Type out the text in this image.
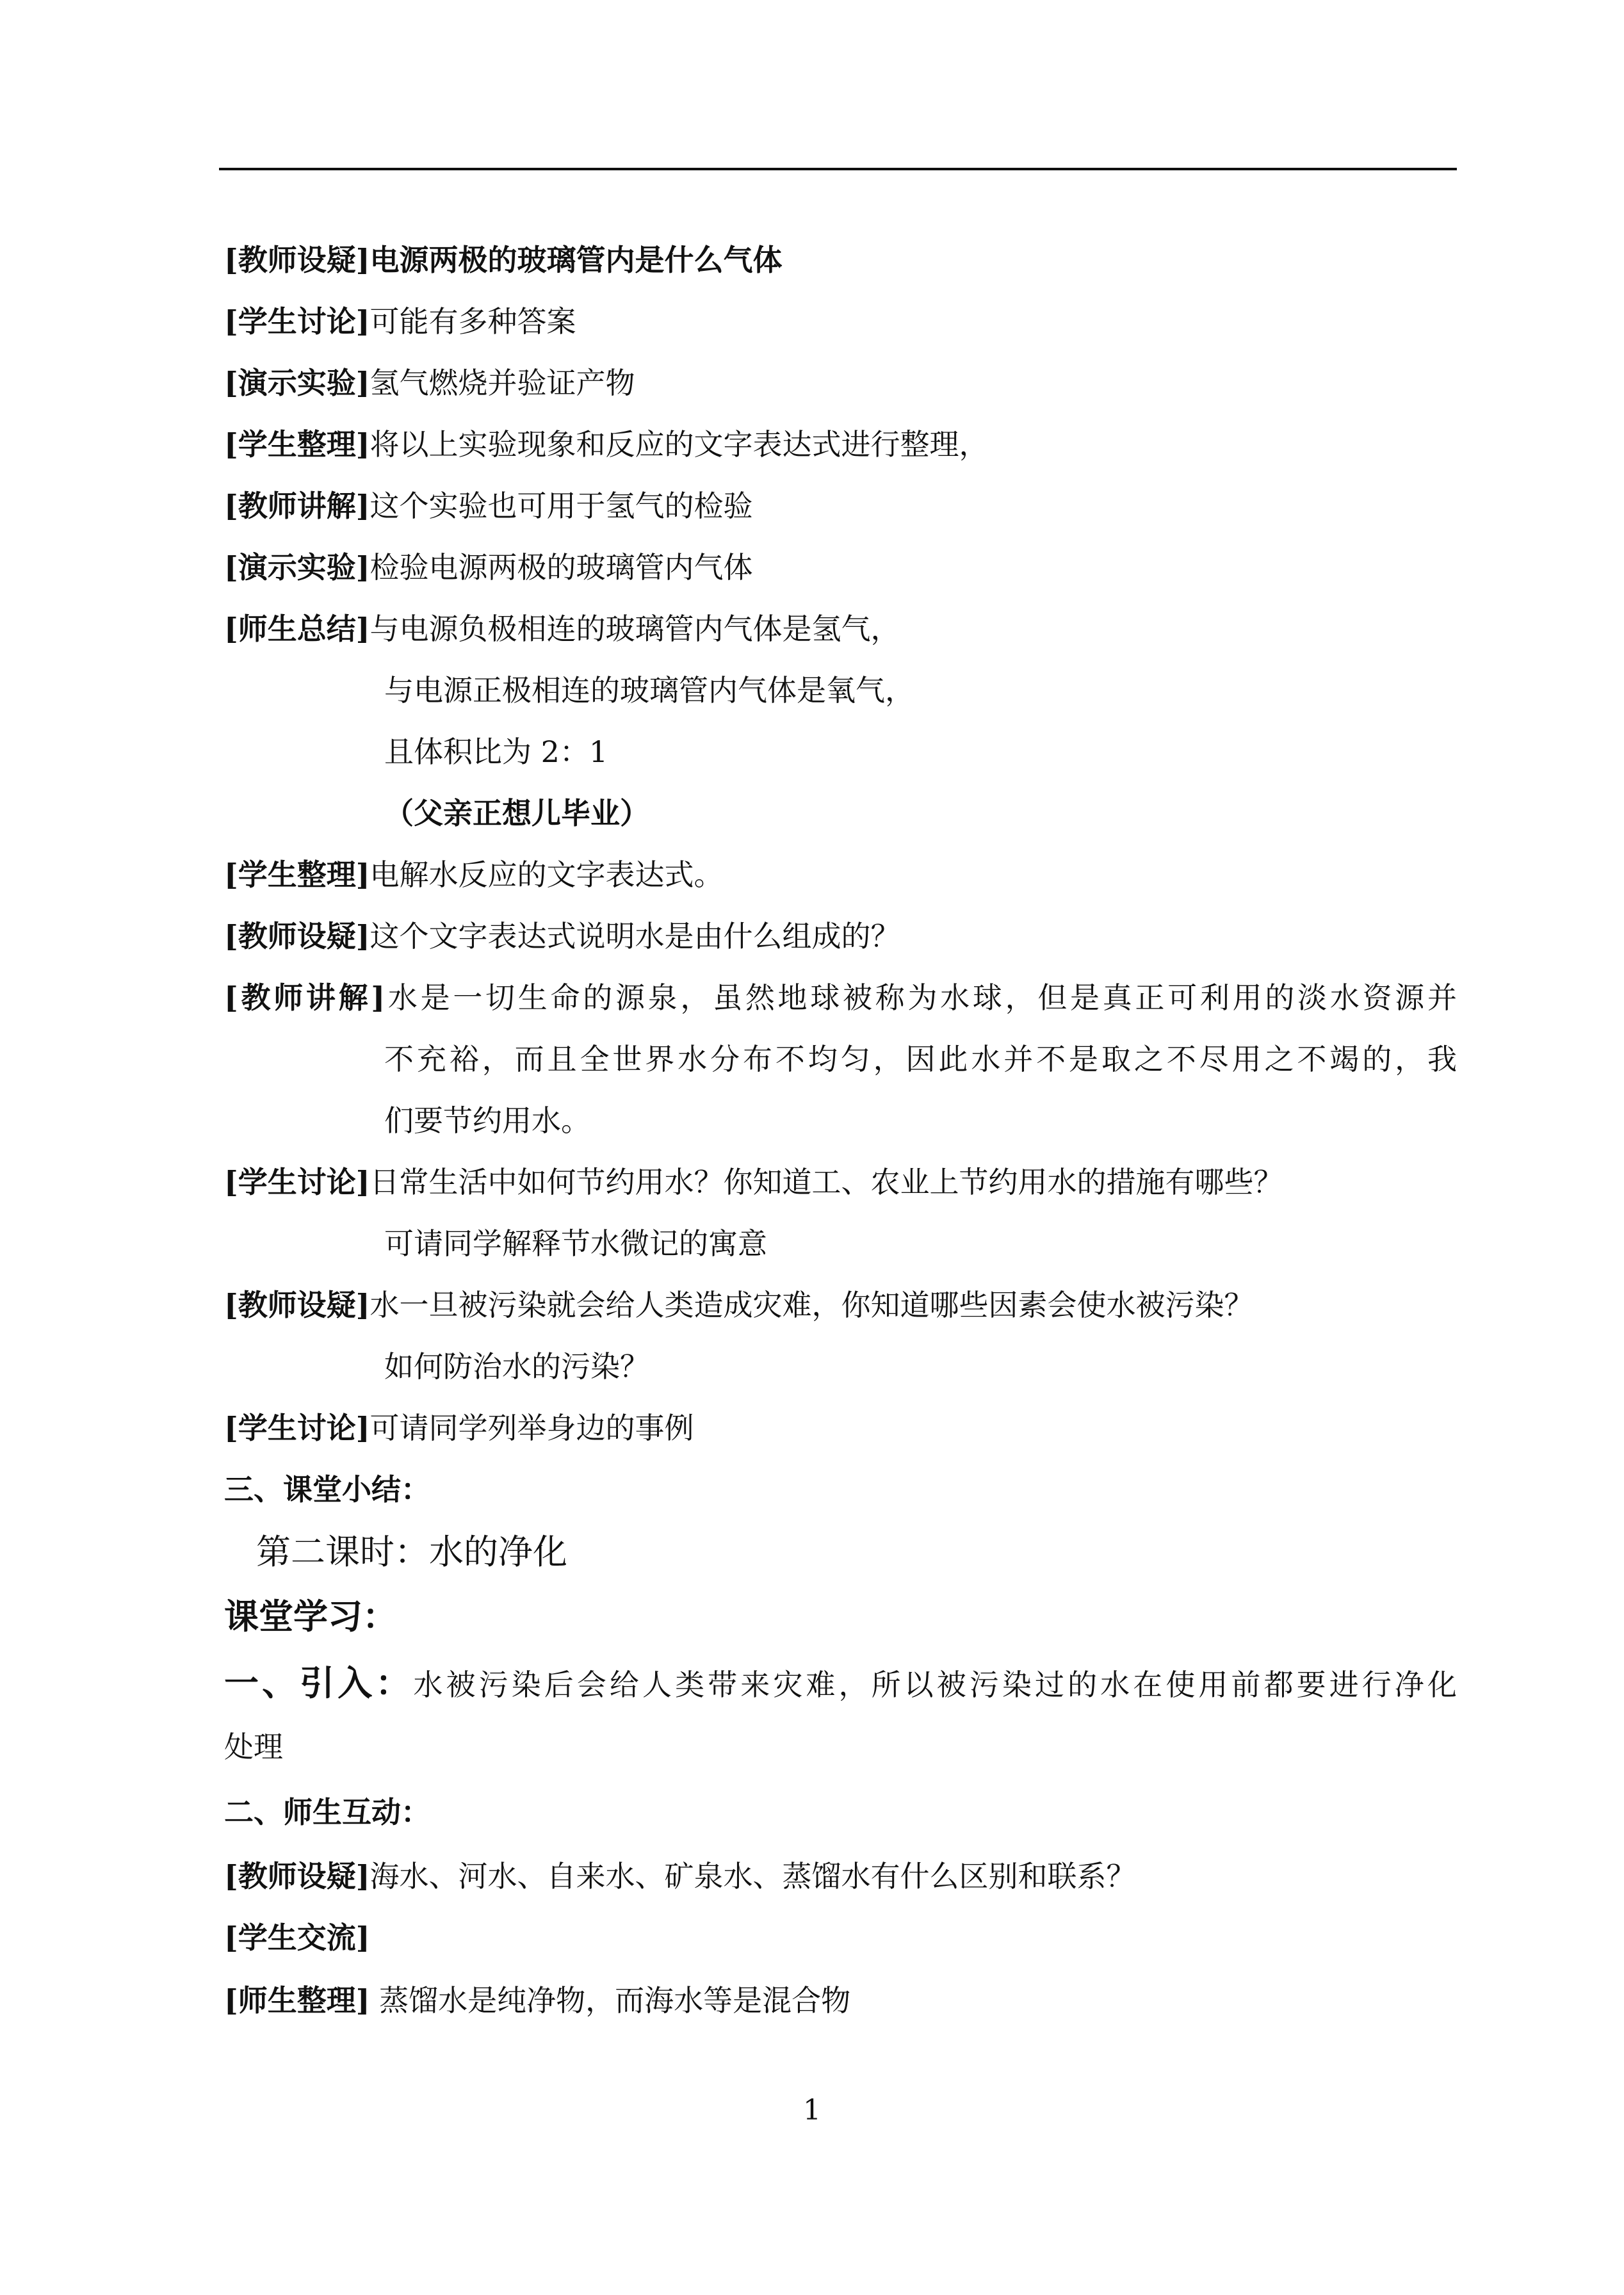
[教师设疑]电源两极的玻璃管内是什么气体
[学生讨论]可能有多种答案
[演示实验]氢气燃烧并验证产物
[学生整理]将以上实验现象和反应的文字表达式进行整理，
[教师讲解]这个实验也可用于氢气的检验
[演示实验]检验电源两极的玻璃管内气体
[师生总结]与电源负极相连的玻璃管内气体是氢气，
与电源正极相连的玻璃管内气体是氧气，
且体积比为 2：1
（父亲正想儿毕业）
[学生整理]电解水反应的文字表达式。
[教师设疑]这个文字表达式说明水是由什么组成的？
[教师讲解]水是一切生命的源泉，虽然地球被称为水球，但是真正可利用的淡水资源并
不充裕，而且全世界水分布不均匀，因此水并不是取之不尽用之不竭的，我
们要节约用水。
[学生讨论]日常生活中如何节约用水？你知道工、农业上节约用水的措施有哪些？
可请同学解释节水微记的寓意
[教师设疑]水一旦被污染就会给人类造成灾难，你知道哪些因素会使水被污染？
如何防治水的污染？
[学生讨论]可请同学列举身边的事例
三、课堂小结：
第二课时：水的净化
课堂学习：
一、引入：水被污染后会给人类带来灾难，所以被污染过的水在使用前都要进行净化
处理
二、师生互动：
[教师设疑]海水、河水、自来水、矿泉水、蒸馏水有什么区别和联系？
[学生交流]
[师生整理] 蒸馏水是纯净物，而海水等是混合物
1
